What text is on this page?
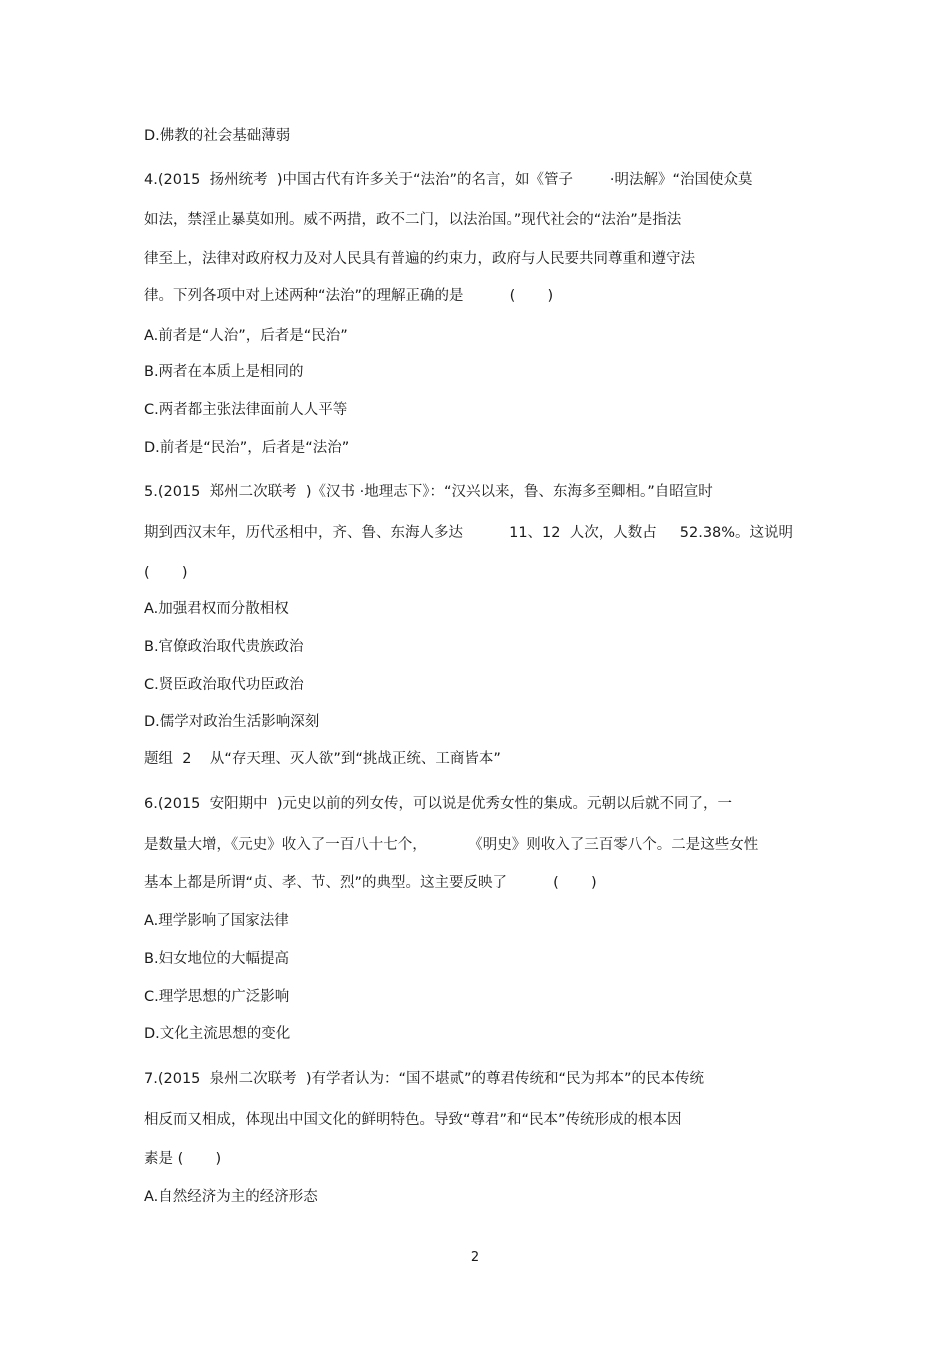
D.佛教的社会基础薄弱
4.(2015  扬州统考  )中国古代有许多关于“法治”的名言，如《管子        ·明法解》“治国使众莫
如法，禁淫止暴莫如刑。威不两措，政不二门，以法治国。”现代社会的“法治”是指法
律至上，法律对政府权力及对人民具有普遍的约束力，政府与人民要共同尊重和遵守法
律。下列各项中对上述两种“法治”的理解正确的是          (       )
A.前者是“人治”，后者是“民治”
B.两者在本质上是相同的
C.两者都主张法律面前人人平等
D.前者是“民治”，后者是“法治”
5.(2015  郑州二次联考  )《汉书 ·地理志下》：“汉兴以来，鲁、东海多至卿相。”自昭宣时
期到西汉末年，历代丞相中，齐、鲁、东海人多达          11、12  人次，人数占     52.38%。这说明
(       )
A.加强君权而分散相权
B.官僚政治取代贵族政治
C.贤臣政治取代功臣政治
D.儒学对政治生活影响深刻
题组  2    从“存天理、灭人欲”到“挑战正统、工商皆本”
6.(2015  安阳期中  )元史以前的列女传，可以说是优秀女性的集成。元朝以后就不同了，一
是数量大增，《元史》收入了一百八十七个，         《明史》则收入了三百零八个。二是这些女性
基本上都是所谓“贞、孝、节、烈”的典型。这主要反映了          (       )
A.理学影响了国家法律
B.妇女地位的大幅提高
C.理学思想的广泛影响
D.文化主流思想的变化
7.(2015  泉州二次联考  )有学者认为：“国不堪贰”的尊君传统和“民为邦本”的民本传统
相反而又相成，体现出中国文化的鲜明特色。导致“尊君”和“民本”传统形成的根本因
素是 (       )
A.自然经济为主的经济形态
2
